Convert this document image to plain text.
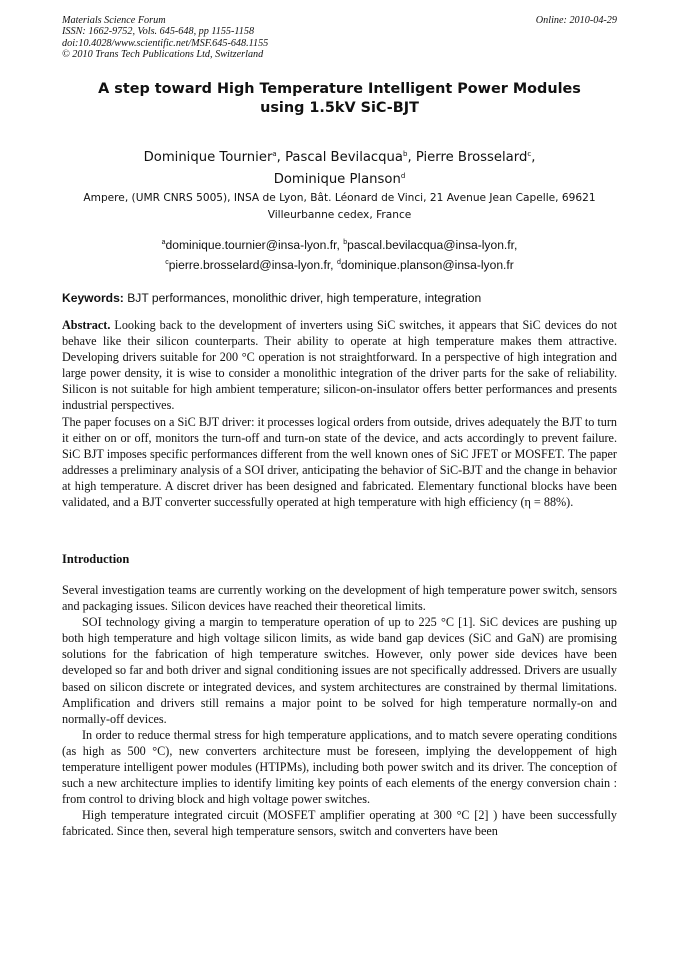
Materials Science Forum
ISSN: 1662-9752, Vols. 645-648, pp 1155-1158
doi:10.4028/www.scientific.net/MSF.645-648.1155
© 2010 Trans Tech Publications Ltd, Switzerland
Online: 2010-04-29
A step toward High Temperature Intelligent Power Modules
using 1.5kV SiC-BJT
Dominique Tournier$^a$, Pascal Bevilacqua$^b$, Pierre Brosselard$^c$,
Dominique Planson$^d$
Ampere, (UMR CNRS 5005), INSA de Lyon, Bât. Léonard de Vinci, 21 Avenue Jean Capelle, 69621
Villeurbanne cedex, France
$^a$dominique.tournier@insa-lyon.fr, $^b$pascal.bevilacqua@insa-lyon.fr,
$^c$pierre.brosselard@insa-lyon.fr, $^d$dominique.planson@insa-lyon.fr
Keywords: BJT performances, monolithic driver, high temperature, integration

Abstract. Looking back to the development of inverters using SiC switches, it appears that SiC devices do not behave like their silicon counterparts. Their ability to operate at high temperature makes them attractive. Developing drivers suitable for 200 °C operation is not straightforward. In a perspective of high integration and large power density, it is wise to consider a monolithic integration of the driver parts for the sake of reliability. Silicon is not suitable for high ambient temperature; silicon-on-insulator offers better performances and presents industrial perspectives.

The paper focuses on a SiC BJT driver: it processes logical orders from outside, drives adequately the BJT to turn it either on or off, monitors the turn-off and turn-on state of the device, and acts accordingly to prevent failure. SiC BJT imposes specific performances different from the well known ones of SiC JFET or MOSFET. The paper addresses a preliminary analysis of a SOI driver, anticipating the behavior of SiC-BJT and the change in behavior at high temperature. A discret driver has been designed and fabricated. Elementary functional blocks have been validated, and a BJT converter successfully operated at high temperature with high efficiency (η = 88%).

Introduction

Several investigation teams are currently working on the development of high temperature power switch, sensors and packaging issues. Silicon devices have reached their theoretical limits.

SOI technology giving a margin to temperature operation of up to 225 °C [1]. SiC devices are pushing up both high temperature and high voltage silicon limits, as wide band gap devices (SiC and GaN) are promising solutions for the fabrication of high temperature switches. However, only power side devices have been developed so far and both driver and signal conditioning issues are not specifically addressed. Drivers are usually based on silicon discrete or integrated devices, and system architectures are constrained by thermal limitations. Amplification and drivers still remains a major point to be solved for high temperature normally-on and normally-off devices.

In order to reduce thermal stress for high temperature applications, and to match severe operating conditions (as high as 500 °C), new converters architecture must be foreseen, implying the developpement of high temperature intelligent power modules (HTIPMs), including both power switch and its driver. The conception of such a new architecture implies to identify limiting key points of each elements of the energy conversion chain : from control to driving block and high voltage power switches.

High temperature integrated circuit (MOSFET amplifier operating at 300 °C [2] ) have been successfully fabricated. Since then, several high temperature sensors, switch and converters have been
